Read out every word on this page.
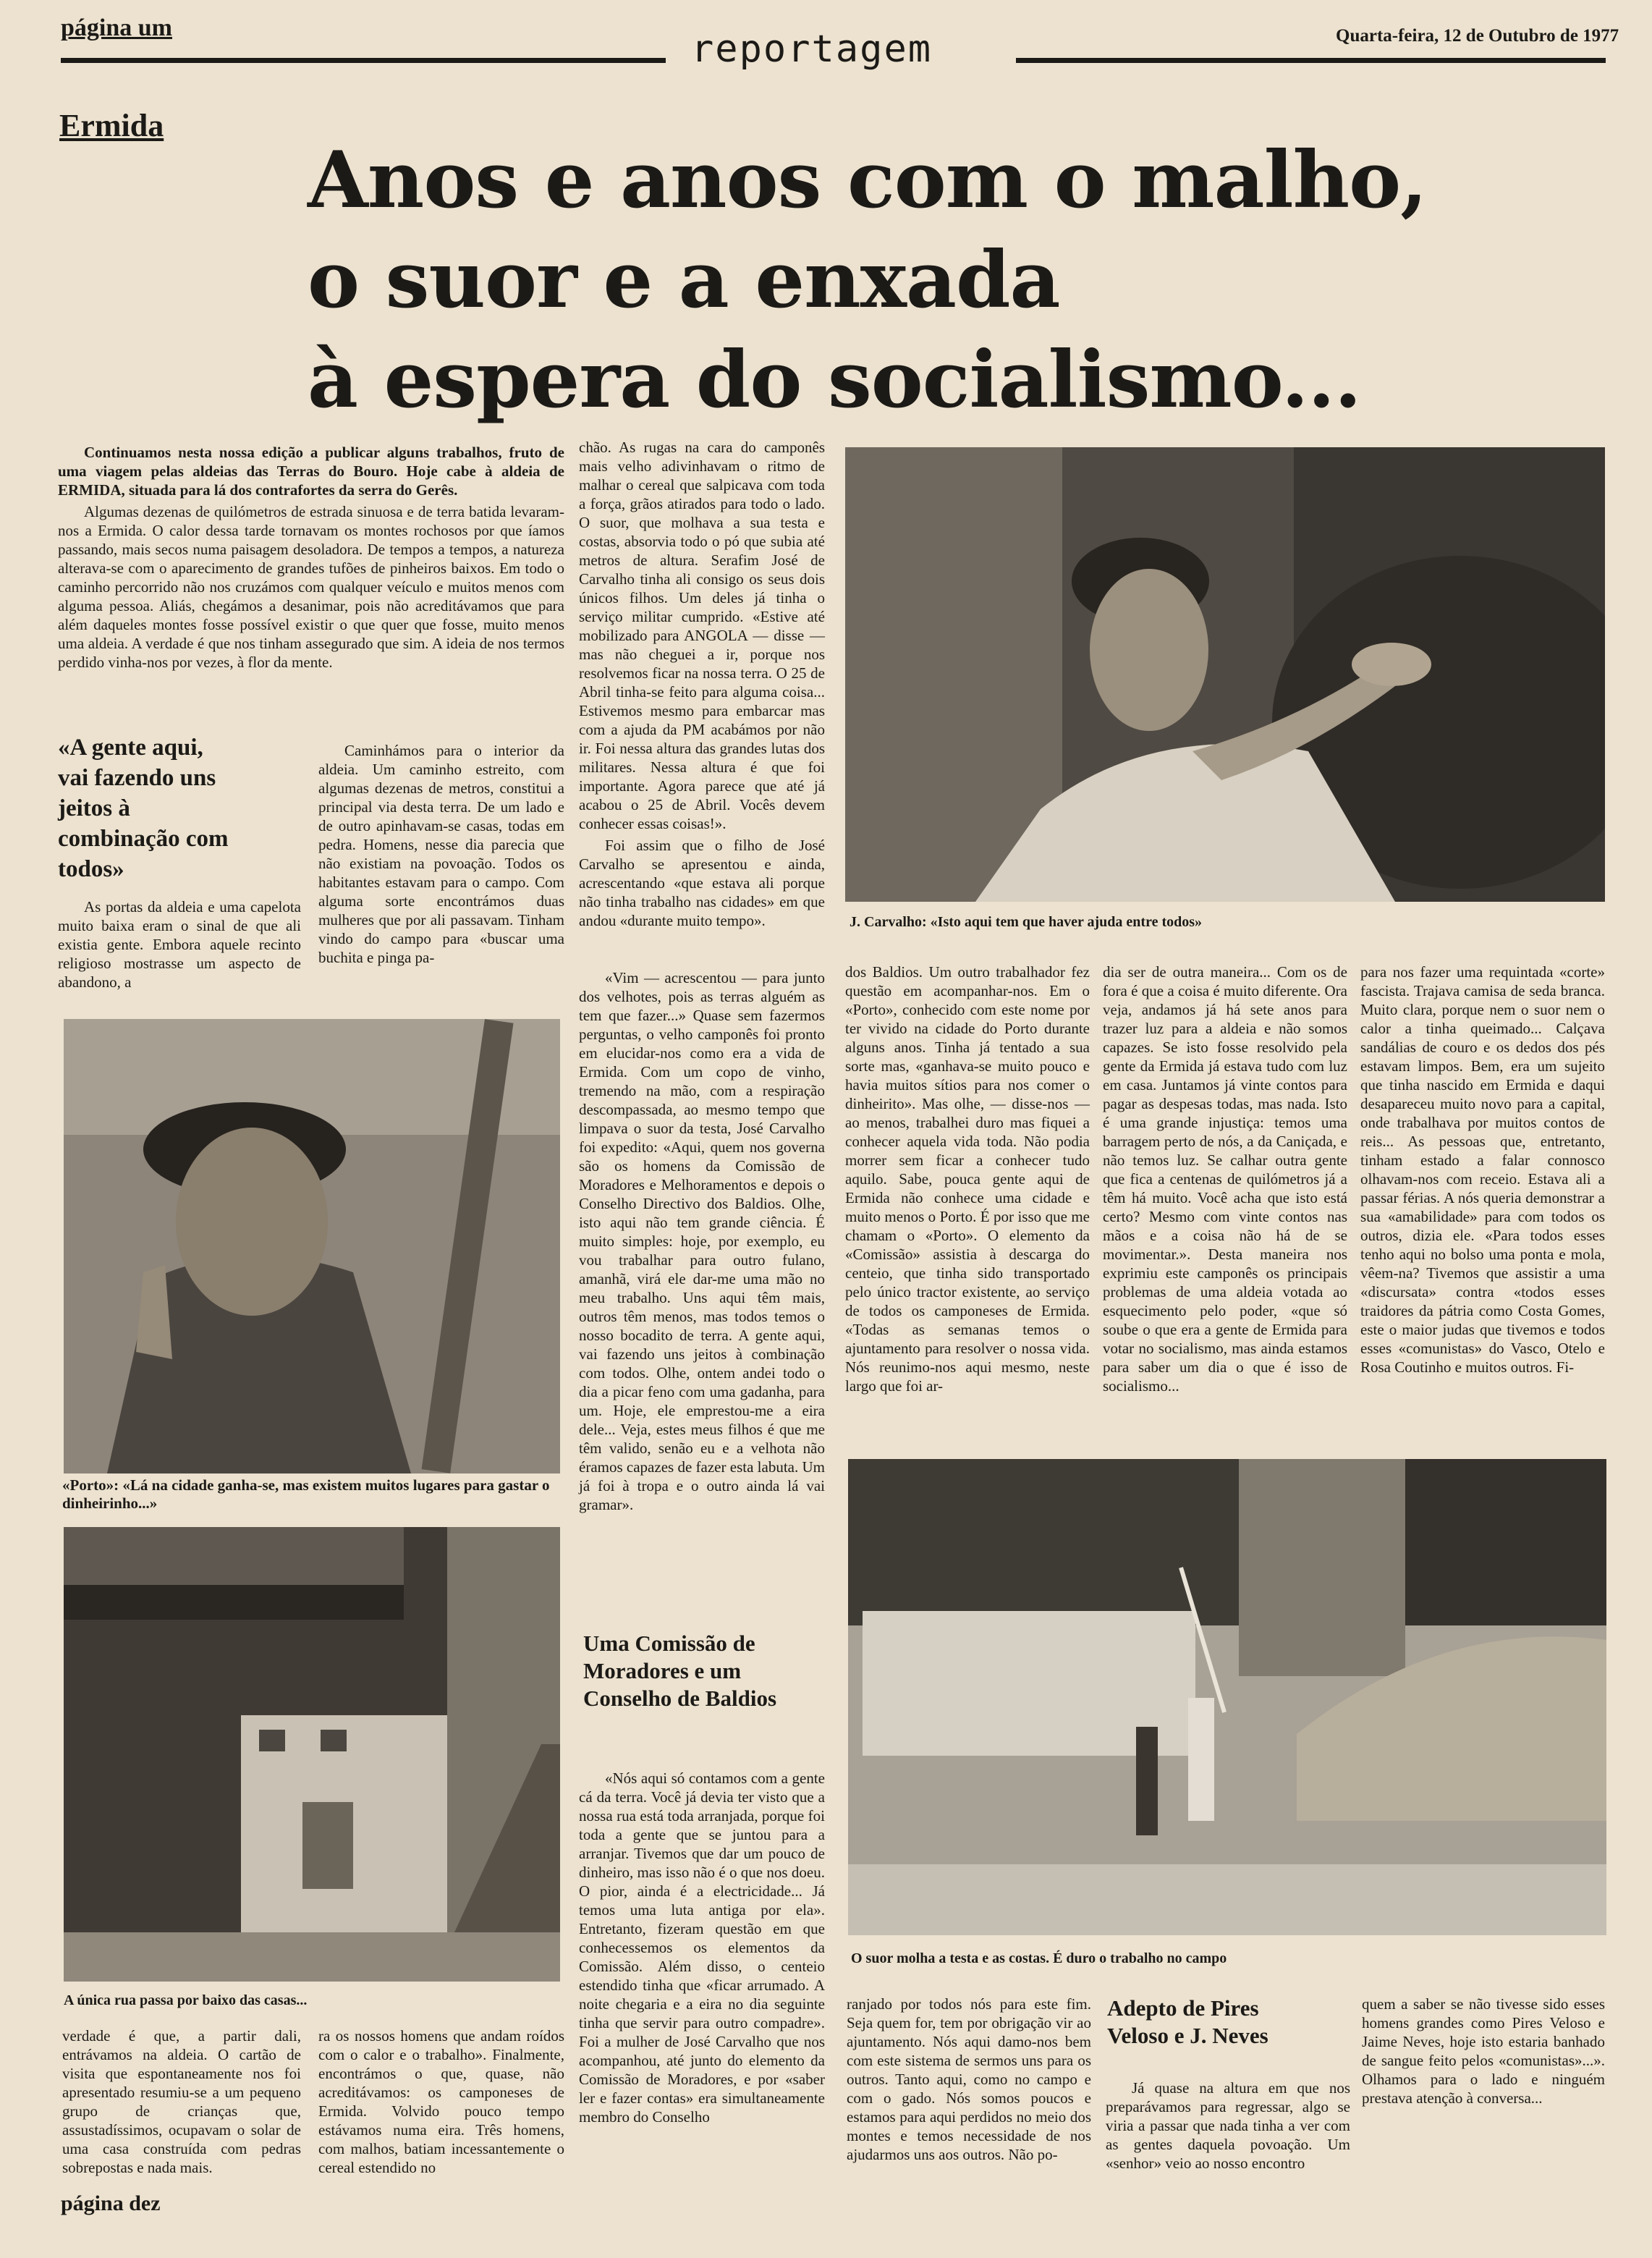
página um	reportagem	Quarta-feira, 12 de Outubro de 1977
Ermida
Anos e anos com o malho,
o suor e a enxada
à espera do socialismo...

Continuamos nesta nossa edição a publicar alguns trabalhos, fruto de uma viagem pelas aldeias das Terras do Bouro. Hoje cabe à aldeia de ERMIDA, situada para lá dos contrafortes da serra do Gerês.

Algumas dezenas de quilómetros de estrada sinuosa e de terra batida levaram-nos a Ermida. O calor dessa tarde tornavam os montes rochosos por que íamos passando, mais secos numa paisagem desoladora. De tempos a tempos, a natureza alterava-se com o aparecimento de grandes tufões de pinheiros baixos. Em todo o caminho percorrido não nos cruzámos com qualquer veículo e muitos menos com alguma pessoa. Aliás, chegámos a desanimar, pois não acreditávamos que para além daqueles montes fosse possível existir o que quer que fosse, muito menos uma aldeia. A verdade é que nos tinham assegurado que sim. A ideia de nos termos perdido vinha-nos por vezes, à flor da mente.

«A gente aqui, vai fazendo uns jeitos à combinação com todos»

As portas da aldeia e uma capelota muito baixa eram o sinal de que ali existia gente. Embora aquele recinto religioso mostrasse um aspecto de abandono, a

Caminhámos para o interior da aldeia. Um caminho estreito, com algumas dezenas de metros, constitui a principal via desta terra. De um lado e de outro apinhavam-se casas, todas em pedra. Homens, nesse dia parecia que não existiam na povoação. Todos os habitantes estavam para o campo. Com alguma sorte encontrámos duas mulheres que por ali passavam. Tinham vindo do campo para «buscar uma buchita e pinga pa-

chão. As rugas na cara do camponês mais velho adivinhavam o ritmo de malhar o cereal que salpicava com toda a força, grãos atirados para todo o lado. O suor, que molhava a sua testa e costas, absorvia todo o pó que subia até metros de altura. Serafim José de Carvalho tinha ali consigo os seus dois únicos filhos. Um deles já tinha o serviço militar cumprido. «Estive até mobilizado para ANGOLA — disse — mas não cheguei a ir, porque nos resolvemos ficar na nossa terra. O 25 de Abril tinha-se feito para alguma coisa... Estivemos mesmo para embarcar mas com a ajuda da PM acabámos por não ir. Foi nessa altura das grandes lutas dos militares. Nessa altura é que foi importante. Agora parece que até já acabou o 25 de Abril. Vocês devem conhecer essas coisas!».

Foi assim que o filho de José Carvalho se apresentou e ainda, acrescentando «que estava ali porque não tinha trabalho nas cidades» em que andou «durante muito tempo».

«Vim — acrescentou — para junto dos velhotes, pois as terras alguém as tem que fazer...» Quase sem fazermos perguntas, o velho camponês foi pronto em elucidar-nos como era a vida de Ermida. Com um copo de vinho, tremendo na mão, com a respiração descompassada, ao mesmo tempo que limpava o suor da testa, José Carvalho foi expedito: «Aqui, quem nos governa são os homens da Comissão de Moradores e Melhoramentos e depois o Conselho Directivo dos Baldios. Olhe, isto aqui não tem grande ciência. É muito simples: hoje, por exemplo, eu vou trabalhar para outro fulano, amanhã, virá ele dar-me uma mão no meu trabalho. Uns aqui têm mais, outros têm menos, mas todos temos o nosso bocadito de terra. A gente aqui, vai fazendo uns jeitos à combinação com todos. Olhe, ontem andei todo o dia a picar feno com uma gadanha, para um. Hoje, ele emprestou-me a eira dele... Veja, estes meus filhos é que me têm valido, senão eu e a velhota não éramos capazes de fazer esta labuta. Um já foi à tropa e o outro ainda lá vai gramar».

Uma Comissão de Moradores e um Conselho de Baldios

«Nós aqui só contamos com a gente cá da terra. Você já devia ter visto que a nossa rua está toda arranjada, porque foi toda a gente que se juntou para a arranjar. Tivemos que dar um pouco de dinheiro, mas isso não é o que nos doeu. O pior, ainda é a electricidade... Já temos uma luta antiga por ela». Entretanto, fizeram questão em que conhecessemos os elementos da Comissão. Além disso, o centeio estendido tinha que «ficar arrumado. A noite chegaria e a eira no dia seguinte tinha que servir para outro compadre». Foi a mulher de José Carvalho que nos acompanhou, até junto do elemento da Comissão de Moradores, e por «saber ler e fazer contas» era simultaneamente membro do Conselho

J. Carvalho: «Isto aqui tem que haver ajuda entre todos»
«Porto»: «Lá na cidade ganha-se, mas existem muitos lugares para gastar o dinheirinho...»
A única rua passa por baixo das casas...

dos Baldios. Um outro trabalhador fez questão em acompanhar-nos. Em o «Porto», conhecido com este nome por ter vivido na cidade do Porto durante alguns anos. Tinha já tentado a sua sorte mas, «ganhava-se muito pouco e havia muitos sítios para nos comer o dinheirito». Mas olhe, — disse-nos — ao menos, trabalhei duro mas fiquei a conhecer aquela vida toda. Não podia morrer sem ficar a conhecer tudo aquilo. Sabe, pouca gente aqui de Ermida não conhece uma cidade e muito menos o Porto. É por isso que me chamam o «Porto». O elemento da «Comissão» assistia à descarga do centeio, que tinha sido transportado pelo único tractor existente, ao serviço de todos os camponeses de Ermida. «Todas as semanas temos o ajuntamento para resolver o nossa vida. Nós reunimo-nos aqui mesmo, neste largo que foi ar-

dia ser de outra maneira... Com os de fora é que a coisa é muito diferente. Ora veja, andamos já há sete anos para trazer luz para a aldeia e não somos capazes. Se isto fosse resolvido pela gente da Ermida já estava tudo com luz em casa. Juntamos já vinte contos para pagar as despesas todas, mas nada. Isto é uma grande injustiça: temos uma barragem perto de nós, a da Caniçada, e não temos luz. Se calhar outra gente que fica a centenas de quilómetros já a têm há muito. Você acha que isto está certo? Mesmo com vinte contos nas mãos e a coisa não há de se movimentar.». Desta maneira nos exprimiu este camponês os principais problemas de uma aldeia votada ao esquecimento pelo poder, «que só soube o que era a gente de Ermida para votar no socialismo, mas ainda estamos para saber um dia o que é isso de socialismo...

para nos fazer uma requintada «corte» fascista. Trajava camisa de seda branca. Muito clara, porque nem o suor nem o calor a tinha queimado... Calçava sandálias de couro e os dedos dos pés estavam limpos. Bem, era um sujeito que tinha nascido em Ermida e daqui desapareceu muito novo para a capital, onde trabalhava por muitos contos de reis... As pessoas que, entretanto, tinham estado a falar connosco olhavam-nos com receio. Estava ali a passar férias. A nós queria demonstrar a sua «amabilidade» para com todos os outros, dizia ele. «Para todos esses tenho aqui no bolso uma ponta e mola, vêem-na? Tivemos que assistir a uma «discursata» contra «todos esses traidores da pátria como Costa Gomes, este o maior judas que tivemos e todos esses «comunistas» do Vasco, Otelo e Rosa Coutinho e muitos outros. Fi-

O suor molha a testa e as costas. É duro o trabalho no campo

verdade é que, a partir dali, entrávamos na aldeia. O cartão de visita que espontaneamente nos foi apresentado resumiu-se a um pequeno grupo de crianças que, assustadíssimos, ocupavam o solar de uma casa construída com pedras sobrepostas e nada mais.

ra os nossos homens que andam roídos com o calor e o trabalho». Finalmente, encontrámos o que, quase, não acreditávamos: os camponeses de Ermida. Volvido pouco tempo estávamos numa eira. Três homens, com malhos, batiam incessantemente o cereal estendido no

ranjado por todos nós para este fim. Seja quem for, tem por obrigação vir ao ajuntamento. Nós aqui damo-nos bem com este sistema de sermos uns para os outros. Tanto aqui, como no campo e com o gado. Nós somos poucos e estamos para aqui perdidos no meio dos montes e temos necessidade de nos ajudarmos uns aos outros. Não po-

Adepto de Pires Veloso e J. Neves

Já quase na altura em que nos preparávamos para regressar, algo se viria a passar que nada tinha a ver com as gentes daquela povoação. Um «senhor» veio ao nosso encontro

quem a saber se não tivesse sido esses homens grandes como Pires Veloso e Jaime Neves, hoje isto estaria banhado de sangue feito pelos «comunistas»...». Olhamos para o lado e ninguém prestava atenção à conversa...

página dez
